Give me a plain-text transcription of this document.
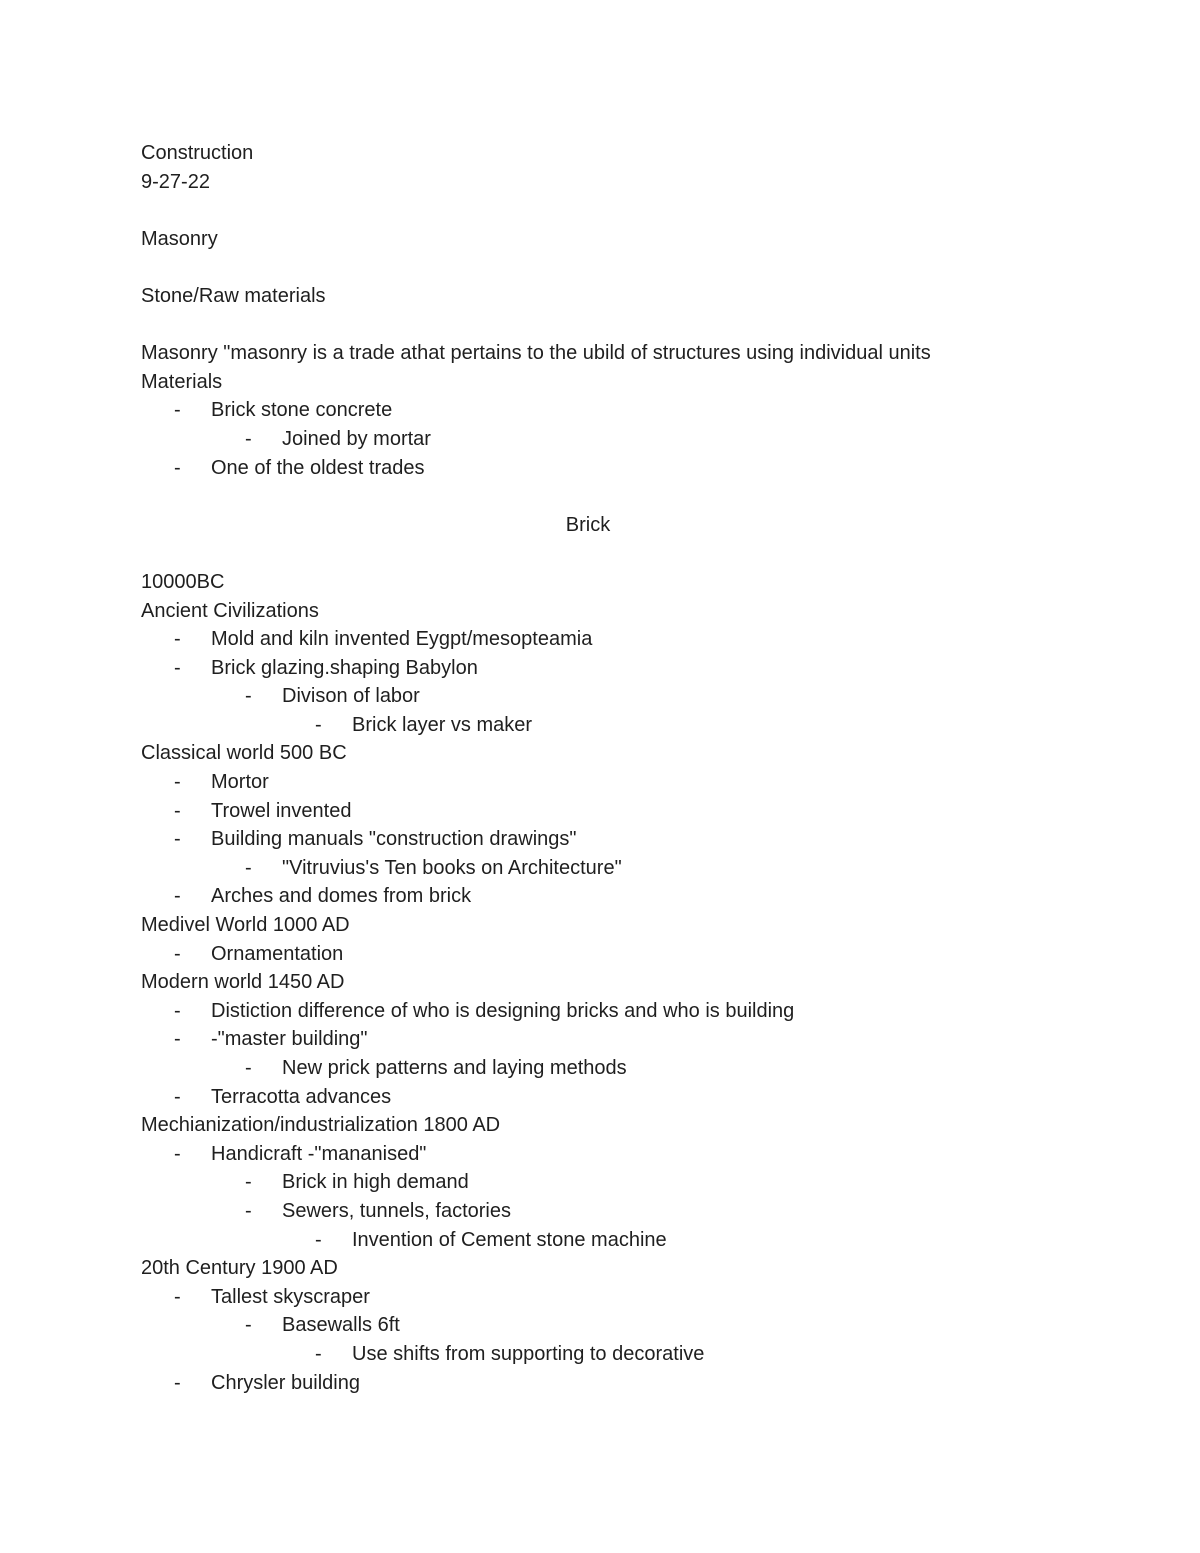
Construction
9-27-22
Masonry
Stone/Raw materials
Masonry "masonry is a trade athat pertains to the ubild of structures using individual units
Materials
- Brick stone concrete
- Joined by mortar
- One of the oldest trades
Brick
10000BC
Ancient Civilizations
- Mold and kiln invented Eygpt/mesopteamia
- Brick glazing.shaping Babylon
- Divison of labor
- Brick layer vs maker
Classical world 500 BC
- Mortor
- Trowel invented
- Building manuals "construction drawings"
- "Vitruvius's Ten books on Architecture"
- Arches and domes from brick
Medivel World 1000 AD
- Ornamentation
Modern world 1450 AD
- Distiction difference of who is designing bricks and who is building
- -"master building"
- New prick patterns and laying methods
- Terracotta advances
Mechianization/industrialization 1800 AD
- Handicraft -"mananised"
- Brick in high demand
- Sewers, tunnels, factories
- Invention of Cement stone machine
20th Century 1900 AD
- Tallest skyscraper
- Basewalls 6ft
- Use shifts from supporting to decorative
- Chrysler building
